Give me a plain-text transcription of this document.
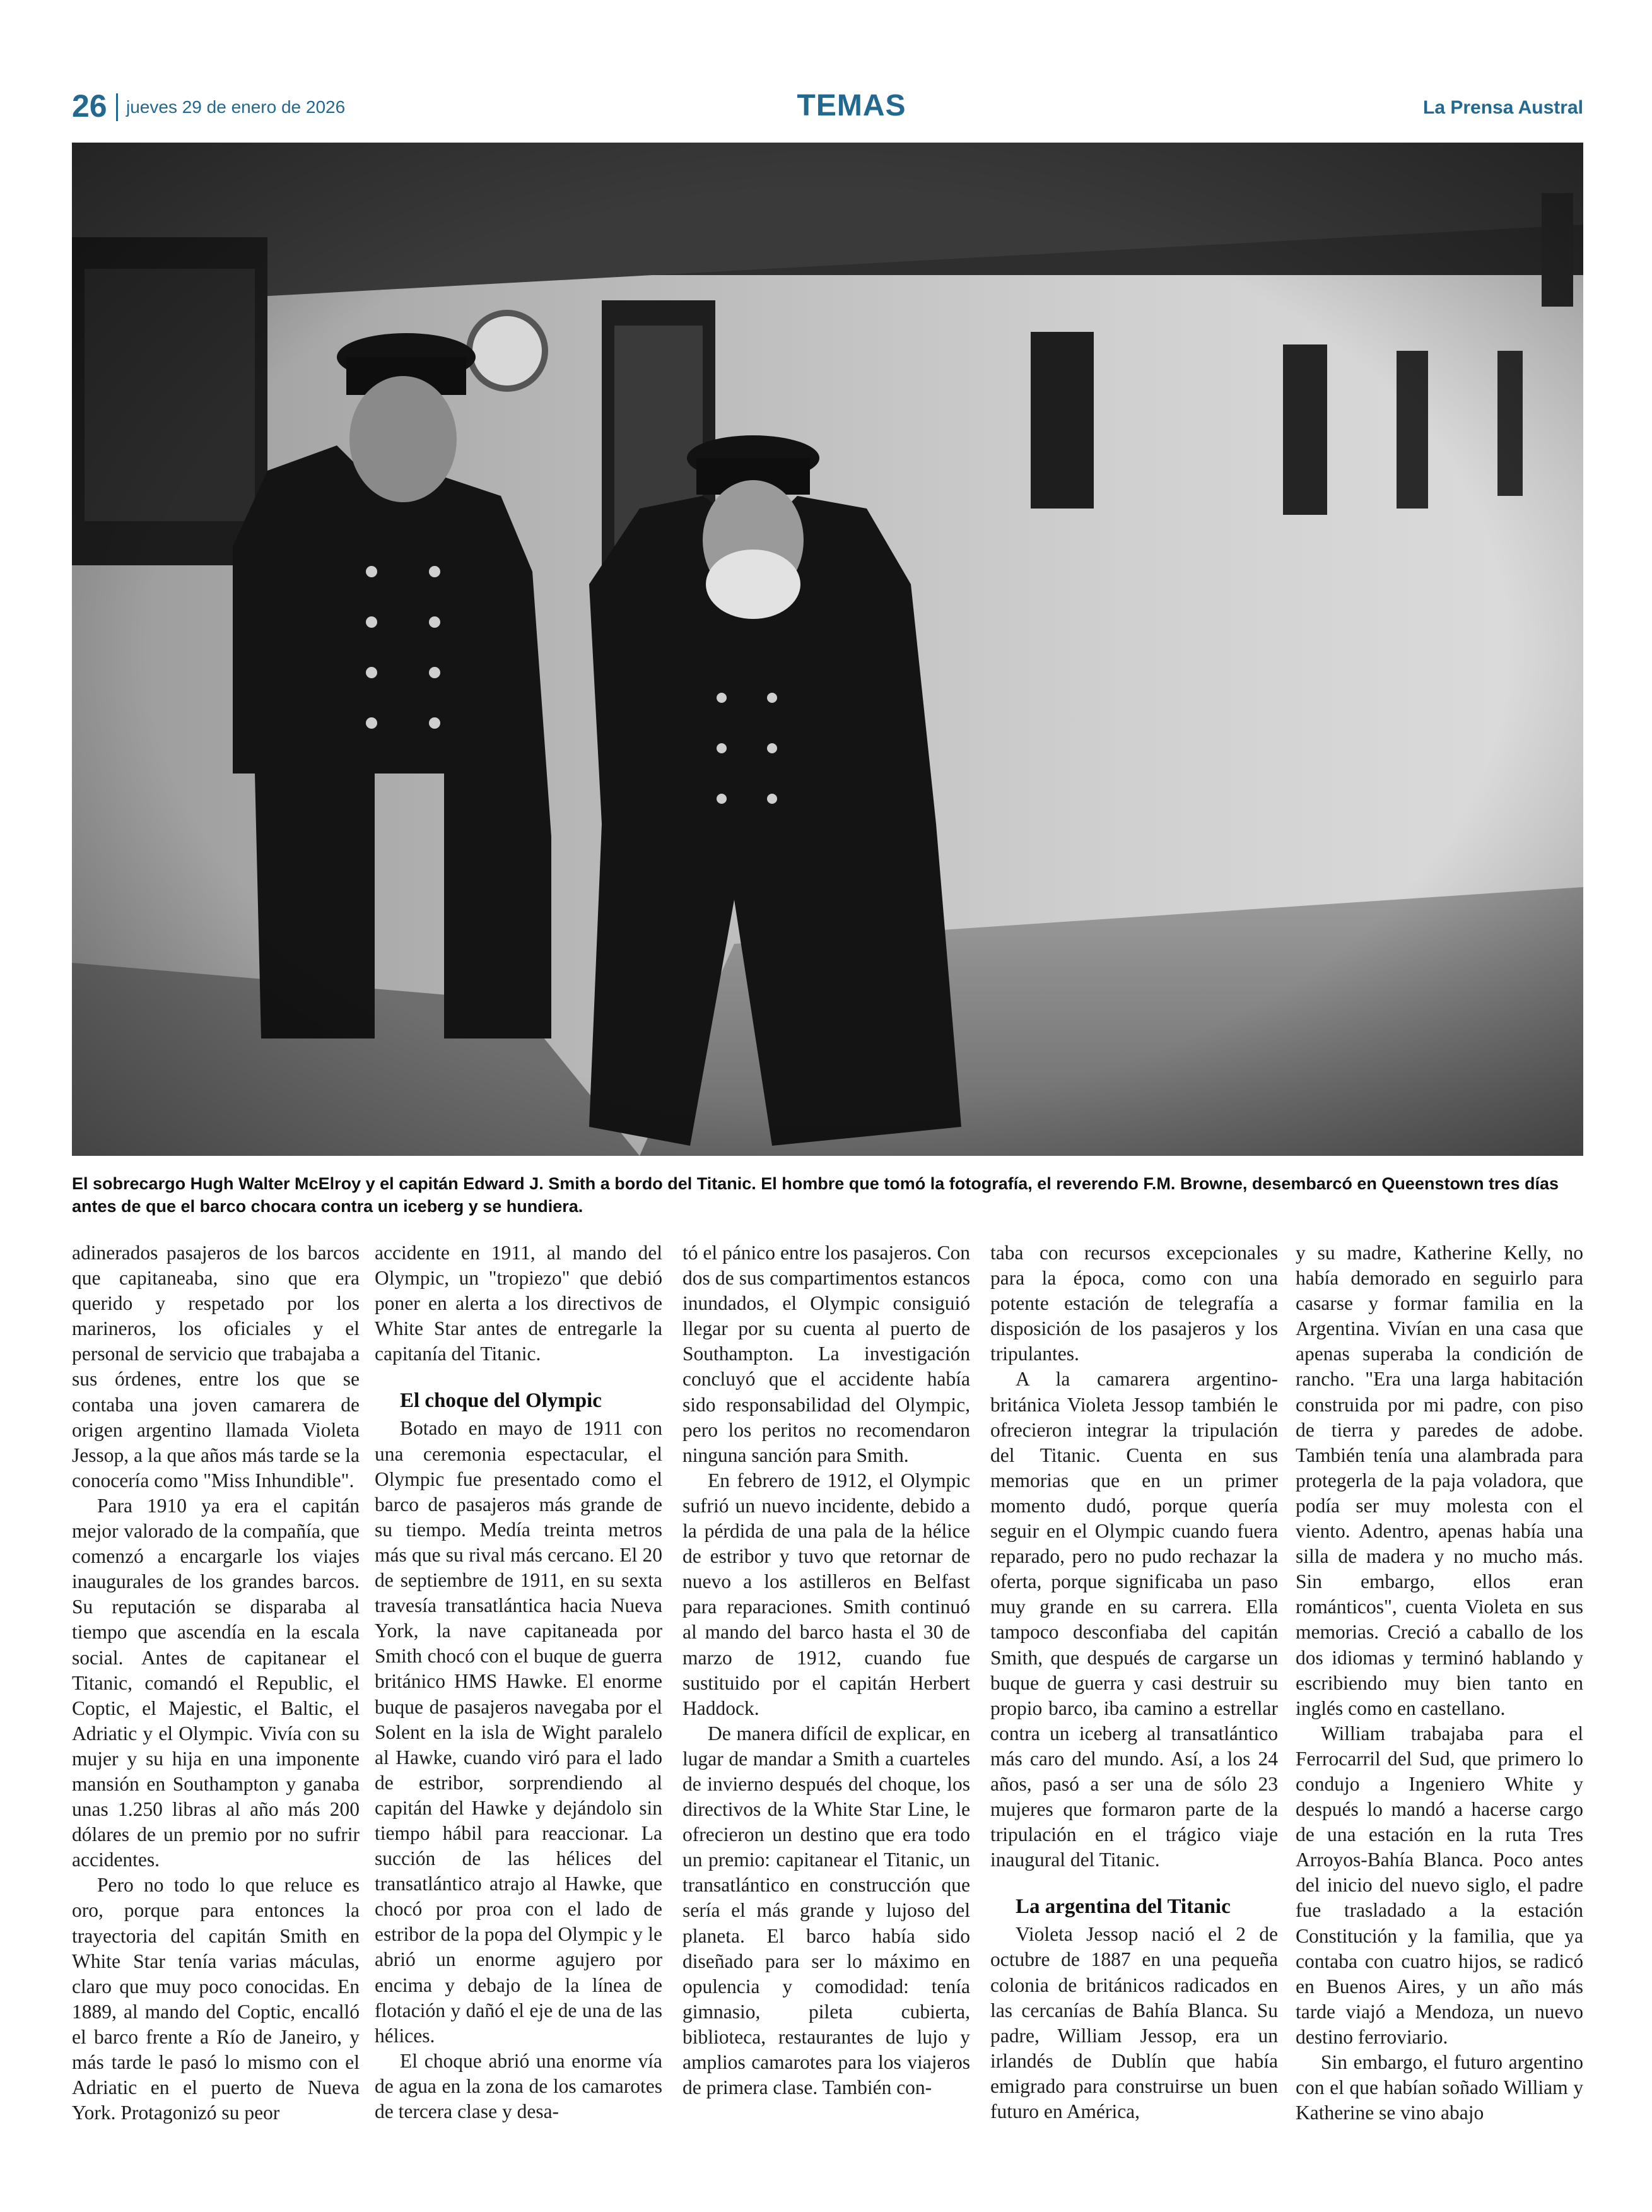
26 jueves 29 de enero de 2026	TEMAS	La Prensa Austral
El sobrecargo Hugh Walter McElroy y el capitán Edward J. Smith a bordo del Titanic. El hombre que tomó la fotografía, el reverendo F.M. Browne, desembarcó en Queenstown tres días antes de que el barco chocara contra un iceberg y se hundiera.

adinerados pasajeros de los barcos que capitaneaba, sino que era querido y respetado por los marineros, los oficiales y el personal de servicio que trabajaba a sus órdenes, entre los que se contaba una joven camarera de origen argentino llamada Violeta Jessop, a la que años más tarde se la conocería como "Miss Inhundible".

Para 1910 ya era el capitán mejor valorado de la compañía, que comenzó a encargarle los viajes inaugurales de los grandes barcos. Su reputación se disparaba al tiempo que ascendía en la escala social. Antes de capitanear el Titanic, comandó el Republic, el Coptic, el Majestic, el Baltic, el Adriatic y el Olympic. Vivía con su mujer y su hija en una imponente mansión en Southampton y ganaba unas 1.250 libras al año más 200 dólares de un premio por no sufrir accidentes.

Pero no todo lo que reluce es oro, porque para entonces la trayectoria del capitán Smith en White Star tenía varias máculas, claro que muy poco conocidas. En 1889, al mando del Coptic, encalló el barco frente a Río de Janeiro, y más tarde le pasó lo mismo con el Adriatic en el puerto de Nueva York. Protagonizó su peor

accidente en 1911, al mando del Olympic, un "tropiezo" que debió poner en alerta a los directivos de White Star antes de entregarle la capitanía del Titanic.

El choque del Olympic

Botado en mayo de 1911 con una ceremonia espectacular, el Olympic fue presentado como el barco de pasajeros más grande de su tiempo. Medía treinta metros más que su rival más cercano. El 20 de septiembre de 1911, en su sexta travesía transatlántica hacia Nueva York, la nave capitaneada por Smith chocó con el buque de guerra británico HMS Hawke. El enorme buque de pasajeros navegaba por el Solent en la isla de Wight paralelo al Hawke, cuando viró para el lado de estribor, sorprendiendo al capitán del Hawke y dejándolo sin tiempo hábil para reaccionar. La succión de las hélices del transatlántico atrajo al Hawke, que chocó por proa con el lado de estribor de la popa del Olympic y le abrió un enorme agujero por encima y debajo de la línea de flotación y dañó el eje de una de las hélices.

El choque abrió una enorme vía de agua en la zona de los camarotes de tercera clase y desa-

tó el pánico entre los pasajeros. Con dos de sus compartimentos estancos inundados, el Olympic consiguió llegar por su cuenta al puerto de Southampton. La investigación concluyó que el accidente había sido responsabilidad del Olympic, pero los peritos no recomendaron ninguna sanción para Smith.

En febrero de 1912, el Olympic sufrió un nuevo incidente, debido a la pérdida de una pala de la hélice de estribor y tuvo que retornar de nuevo a los astilleros en Belfast para reparaciones. Smith continuó al mando del barco hasta el 30 de marzo de 1912, cuando fue sustituido por el capitán Herbert Haddock.

De manera difícil de explicar, en lugar de mandar a Smith a cuarteles de invierno después del choque, los directivos de la White Star Line, le ofrecieron un destino que era todo un premio: capitanear el Titanic, un transatlántico en construcción que sería el más grande y lujoso del planeta. El barco había sido diseñado para ser lo máximo en opulencia y comodidad: tenía gimnasio, pileta cubierta, biblioteca, restaurantes de lujo y amplios camarotes para los viajeros de primera clase. También con-

taba con recursos excepcionales para la época, como con una potente estación de telegrafía a disposición de los pasajeros y los tripulantes.

A la camarera argentino-británica Violeta Jessop también le ofrecieron integrar la tripulación del Titanic. Cuenta en sus memorias que en un primer momento dudó, porque quería seguir en el Olympic cuando fuera reparado, pero no pudo rechazar la oferta, porque significaba un paso muy grande en su carrera. Ella tampoco desconfiaba del capitán Smith, que después de cargarse un buque de guerra y casi destruir su propio barco, iba camino a estrellar contra un iceberg al transatlántico más caro del mundo. Así, a los 24 años, pasó a ser una de sólo 23 mujeres que formaron parte de la tripulación en el trágico viaje inaugural del Titanic.

La argentina del Titanic

Violeta Jessop nació el 2 de octubre de 1887 en una pequeña colonia de británicos radicados en las cercanías de Bahía Blanca. Su padre, William Jessop, era un irlandés de Dublín que había emigrado para construirse un buen futuro en América,

y su madre, Katherine Kelly, no había demorado en seguirlo para casarse y formar familia en la Argentina. Vivían en una casa que apenas superaba la condición de rancho. "Era una larga habitación construida por mi padre, con piso de tierra y paredes de adobe. También tenía una alambrada para protegerla de la paja voladora, que podía ser muy molesta con el viento. Adentro, apenas había una silla de madera y no mucho más. Sin embargo, ellos eran románticos", cuenta Violeta en sus memorias. Creció a caballo de los dos idiomas y terminó hablando y escribiendo muy bien tanto en inglés como en castellano.

William trabajaba para el Ferrocarril del Sud, que primero lo condujo a Ingeniero White y después lo mandó a hacerse cargo de una estación en la ruta Tres Arroyos-Bahía Blanca. Poco antes del inicio del nuevo siglo, el padre fue trasladado a la estación Constitución y la familia, que ya contaba con cuatro hijos, se radicó en Buenos Aires, y un año más tarde viajó a Mendoza, un nuevo destino ferroviario.

Sin embargo, el futuro argentino con el que habían soñado William y Katherine se vino abajo
